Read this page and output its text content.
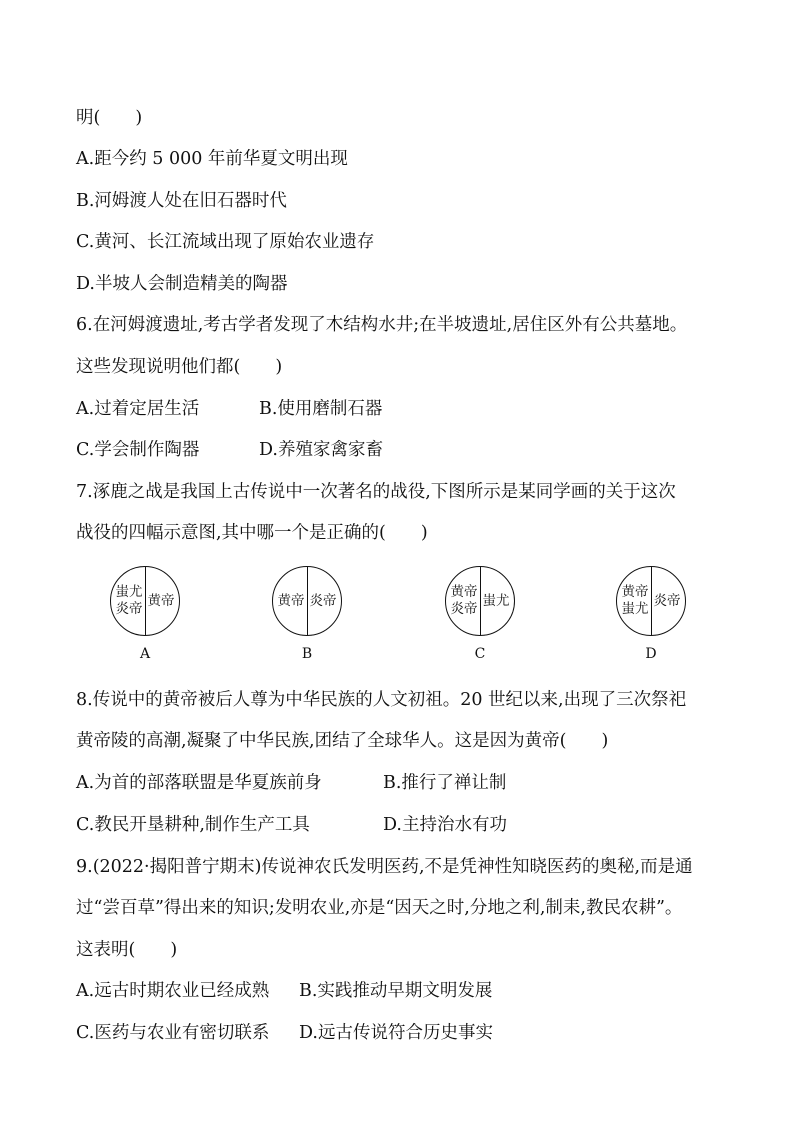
明(　　)
A.距今约 5 000 年前华夏文明出现
B.河姆渡人处在旧石器时代
C.黄河、长江流域出现了原始农业遗存
D.半坡人会制造精美的陶器
6.在河姆渡遗址,考古学者发现了木结构水井;在半坡遗址,居住区外有公共墓地。
这些发现说明他们都(　　)
A.过着定居生活	B.使用磨制石器
C.学会制作陶器	D.养殖家禽家畜
7.涿鹿之战是我国上古传说中一次著名的战役,下图所示是某同学画的关于这次
战役的四幅示意图,其中哪一个是正确的(　　)
蚩尤
炎帝
黄帝
A
黄帝 炎帝
B
黄帝
炎帝
蚩尤
C
黄帝
蚩尤
炎帝
D
8.传说中的黄帝被后人尊为中华民族的人文初祖。20 世纪以来,出现了三次祭祀
黄帝陵的高潮,凝聚了中华民族,团结了全球华人。这是因为黄帝(　　)
A.为首的部落联盟是华夏族前身	B.推行了禅让制
C.教民开垦耕种,制作生产工具	D.主持治水有功
9.(2022·揭阳普宁期末)传说神农氏发明医药,不是凭神性知晓医药的奥秘,而是通
过“尝百草”得出来的知识;发明农业,亦是“因天之时,分地之利,制耒,教民农耕”。
这表明(　　)
A.远古时期农业已经成熟 B.实践推动早期文明发展
C.医药与农业有密切联系 D.远古传说符合历史事实
